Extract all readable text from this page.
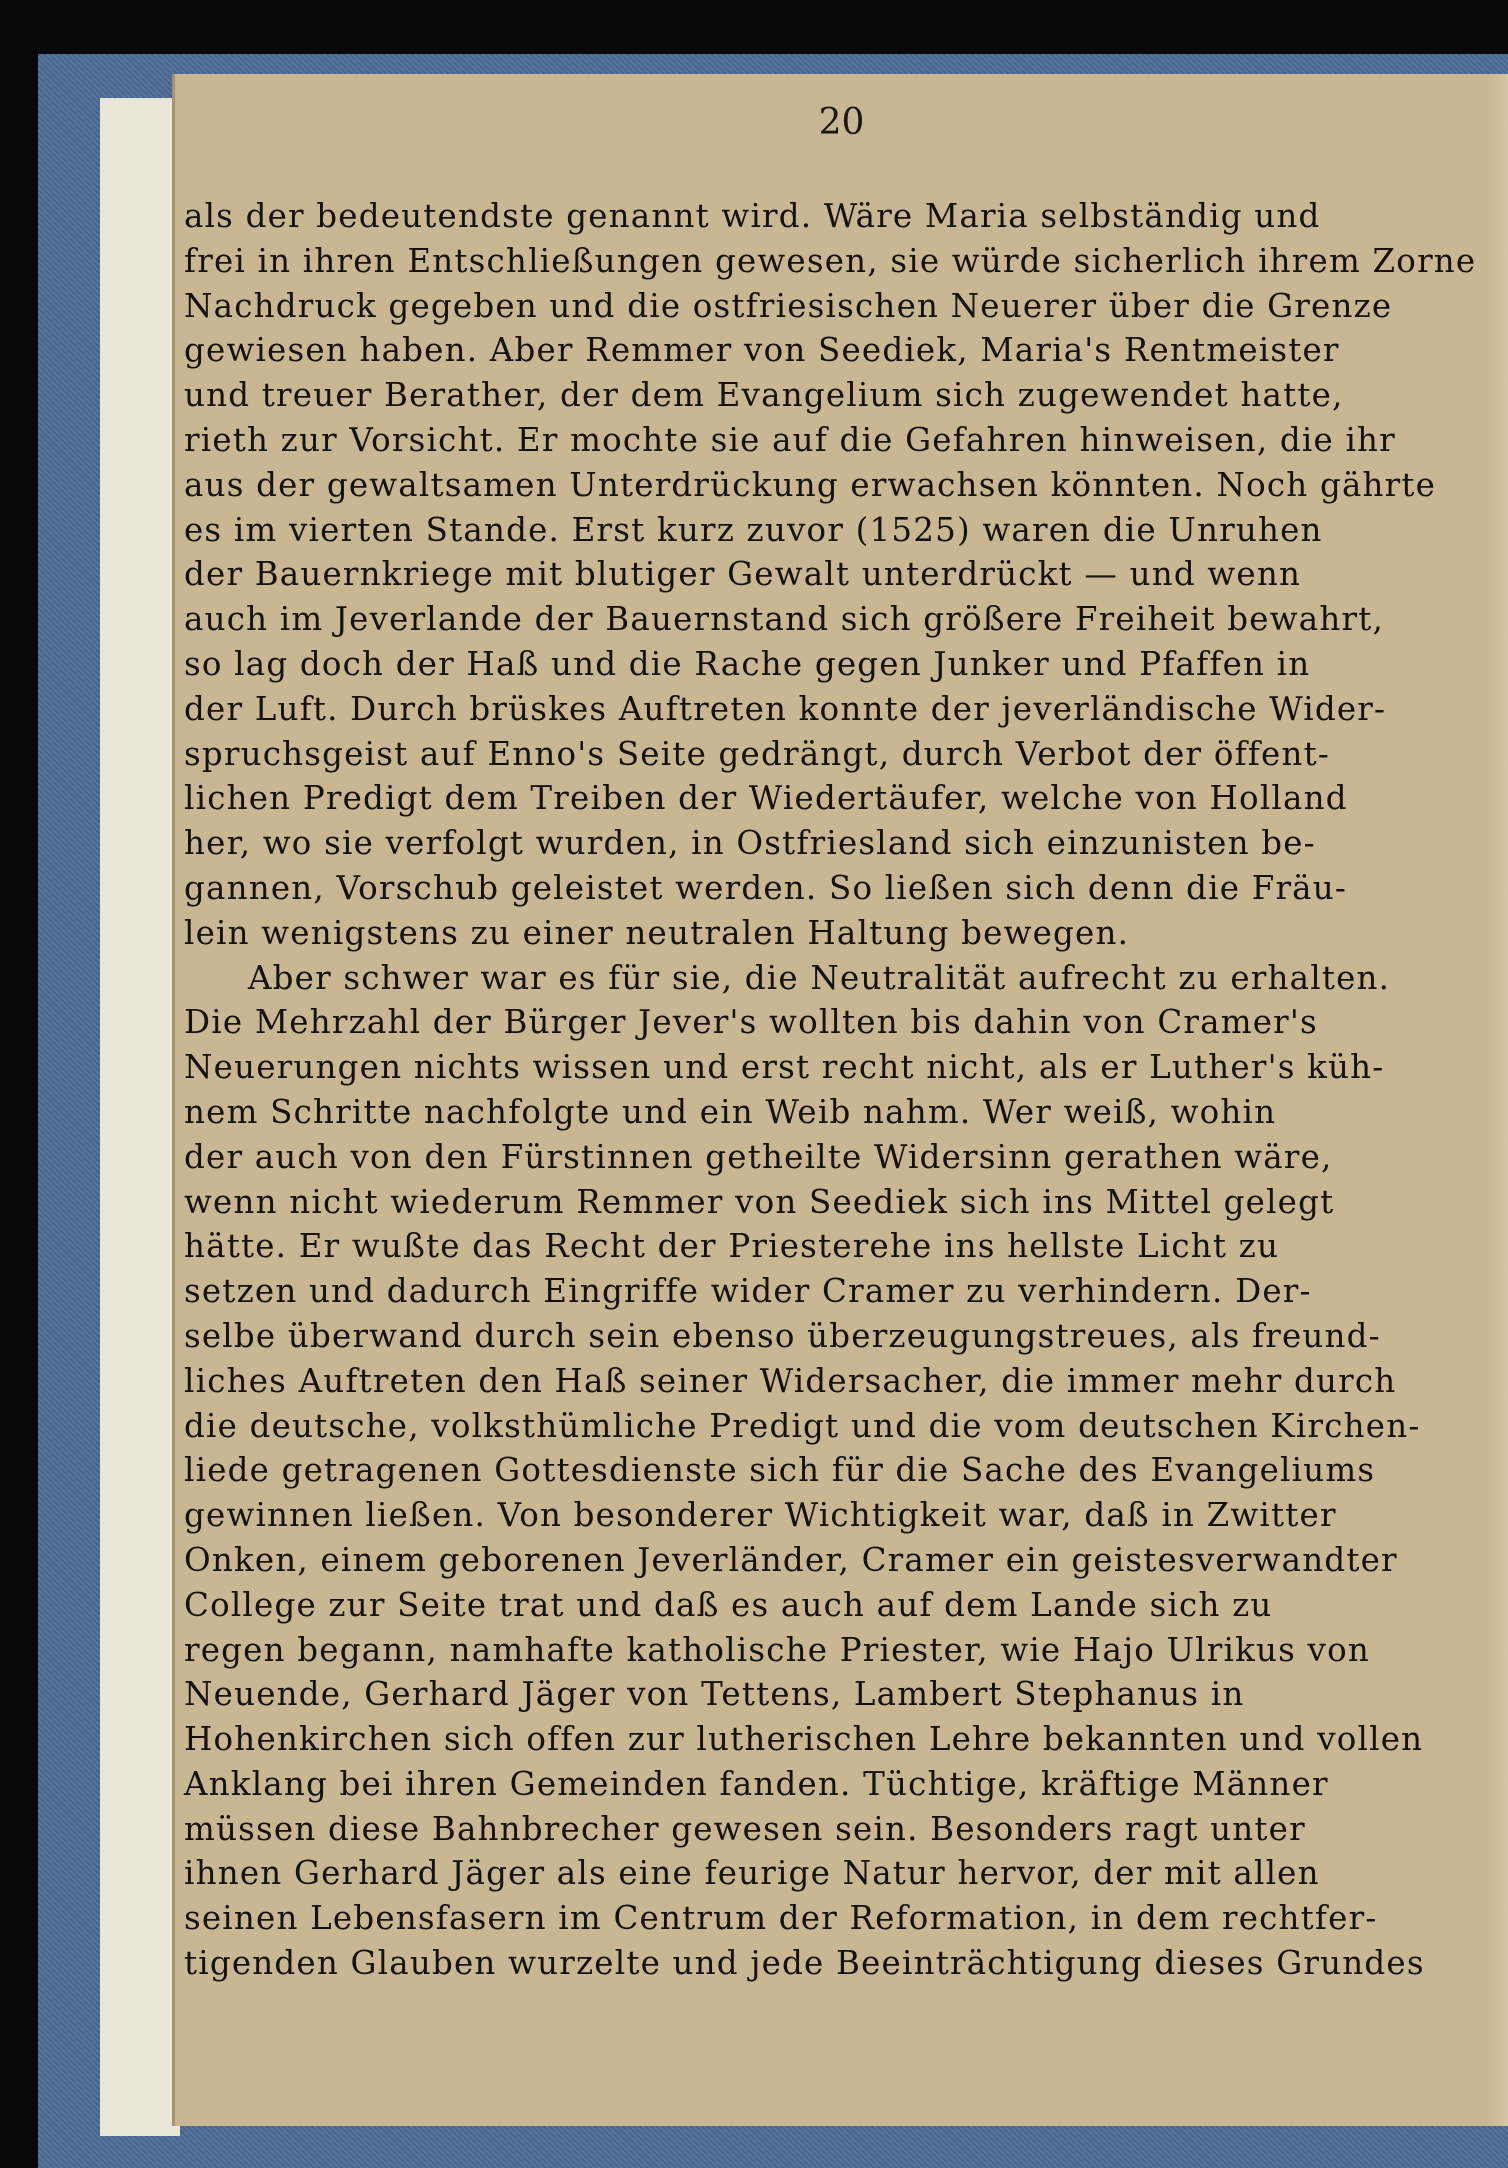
20
als der bedeutendste genannt wird. Wäre Maria selbständig und
frei in ihren Entschließungen gewesen, sie würde sicherlich ihrem Zorne
Nachdruck gegeben und die ostfriesischen Neuerer über die Grenze
gewiesen haben. Aber Remmer von Seediek, Maria's Rentmeister
und treuer Berather, der dem Evangelium sich zugewendet hatte,
rieth zur Vorsicht. Er mochte sie auf die Gefahren hinweisen, die ihr
aus der gewaltsamen Unterdrückung erwachsen könnten. Noch gährte
es im vierten Stande. Erst kurz zuvor (1525) waren die Unruhen
der Bauernkriege mit blutiger Gewalt unterdrückt — und wenn
auch im Jeverlande der Bauernstand sich größere Freiheit bewahrt,
so lag doch der Haß und die Rache gegen Junker und Pfaffen in
der Luft. Durch brüskes Auftreten konnte der jeverländische Wider-
spruchsgeist auf Enno's Seite gedrängt, durch Verbot der öffent-
lichen Predigt dem Treiben der Wiedertäufer, welche von Holland
her, wo sie verfolgt wurden, in Ostfriesland sich einzunisten be-
gannen, Vorschub geleistet werden. So ließen sich denn die Fräu-
lein wenigstens zu einer neutralen Haltung bewegen.
Aber schwer war es für sie, die Neutralität aufrecht zu erhalten.
Die Mehrzahl der Bürger Jever's wollten bis dahin von Cramer's
Neuerungen nichts wissen und erst recht nicht, als er Luther's küh-
nem Schritte nachfolgte und ein Weib nahm. Wer weiß, wohin
der auch von den Fürstinnen getheilte Widersinn gerathen wäre,
wenn nicht wiederum Remmer von Seediek sich ins Mittel gelegt
hätte. Er wußte das Recht der Priesterehe ins hellste Licht zu
setzen und dadurch Eingriffe wider Cramer zu verhindern. Der-
selbe überwand durch sein ebenso überzeugungstreues, als freund-
liches Auftreten den Haß seiner Widersacher, die immer mehr durch
die deutsche, volksthümliche Predigt und die vom deutschen Kirchen-
liede getragenen Gottesdienste sich für die Sache des Evangeliums
gewinnen ließen. Von besonderer Wichtigkeit war, daß in Zwitter
Onken, einem geborenen Jeverländer, Cramer ein geistesverwandter
College zur Seite trat und daß es auch auf dem Lande sich zu
regen begann, namhafte katholische Priester, wie Hajo Ulrikus von
Neuende, Gerhard Jäger von Tettens, Lambert Stephanus in
Hohenkirchen sich offen zur lutherischen Lehre bekannten und vollen
Anklang bei ihren Gemeinden fanden. Tüchtige, kräftige Männer
müssen diese Bahnbrecher gewesen sein. Besonders ragt unter
ihnen Gerhard Jäger als eine feurige Natur hervor, der mit allen
seinen Lebensfasern im Centrum der Reformation, in dem rechtfer-
tigenden Glauben wurzelte und jede Beeinträchtigung dieses Grundes
